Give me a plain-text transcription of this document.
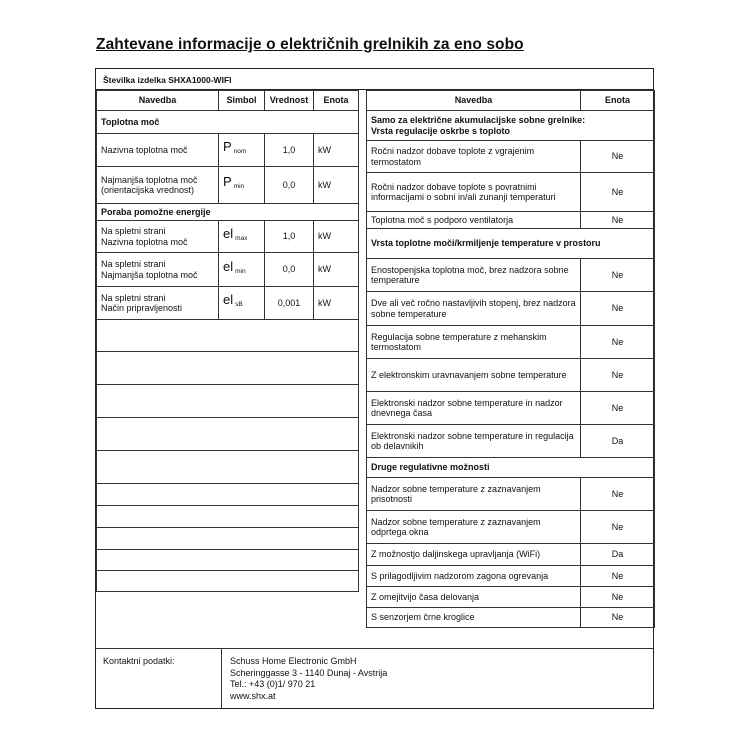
Zahtevane informacije o električnih grelnikih za eno sobo
Številka izdelka SHXA1000-WIFI
Navedba	Simbol	Vrednost	Enota
Toplotna moč			

Nazivna toplotna moč	P $_{nom}$	1,0	kW

Najmanjša toplotna moč
(orientacijska vrednost)	P $_{min}$	0,0	kW
Poraba pomožne energije			

Na spletni strani
Nazivna toplotna moč	el $_{max}$	1,0	kW

Na spletni strani
Najmanjša toplotna moč	el $_{min}$	0,0	kW

Na spletni strani
Način pripravljenosti	el $_{sB}$	0,001	kW

Navedba	Enota

Samo za električne akumulacijske sobne grelnike:
Vrsta regulacije oskrbe s toploto	

Ročni nadzor dobave toplote z vgrajenim termostatom	Ne
Ročni nadzor dobave toplote s povratnimi informacijami o sobni in/ali zunanji temperaturi	Ne
Toplotna moč s podporo ventilatorja	Ne

Vrsta toplotne moči/krmiljenje temperature v prostoru	

Enostopenjska toplotna moč, brez nadzora sobne temperature	Ne
Dve ali več ročno nastavljivih stopenj, brez nadzora sobne temperature	Ne
Regulacija sobne temperature z mehanskim termostatom	Ne
Z elektronskim uravnavanjem sobne temperature	Ne
Elektronski nadzor sobne temperature in nadzor dnevnega časa	Ne
Elektronski nadzor sobne temperature in regulacija ob delavnikih	Da

Druge regulativne možnosti	

Nadzor sobne temperature z zaznavanjem prisotnosti	Ne
Nadzor sobne temperature z zaznavanjem odprtega okna	Ne
Z možnostjo daljinskega upravljanja (WiFi)	Da
S prilagodljivim nadzorom zagona ogrevanja	Ne
Z omejitvijo časa delovanja	Ne
S senzorjem črne kroglice	Ne
Kontaktni podatki:	Schuss Home Electronic GmbH
Scheringgasse 3 - 1140 Dunaj - Avstrija
Tel.: +43 (0)1/ 970 21
www.shx.at
